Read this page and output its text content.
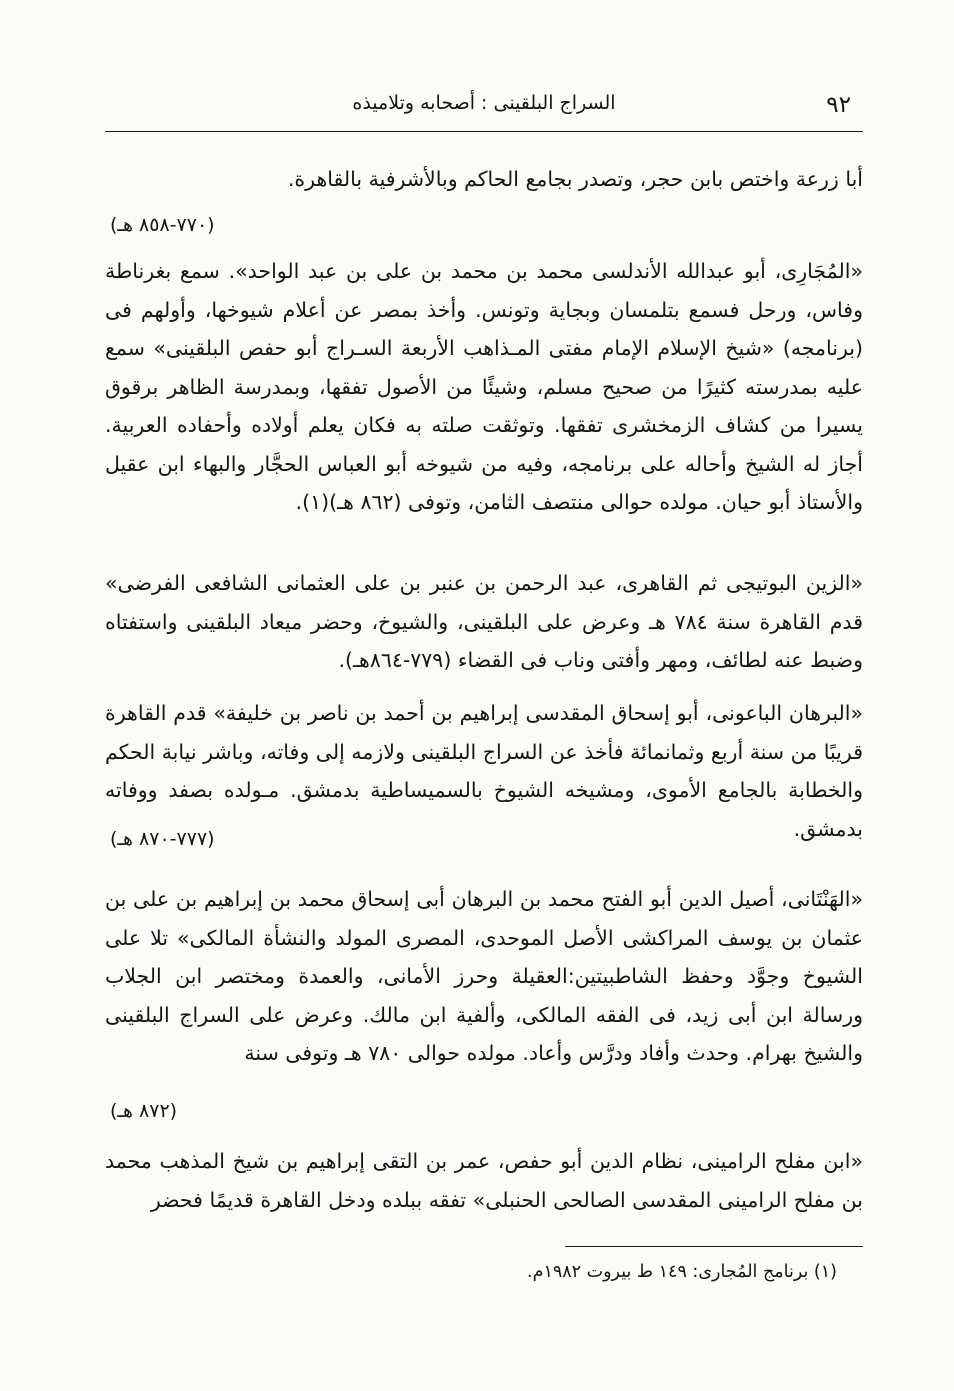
٩٢
السراج البلقينى : أصحابه وتلاميذه

أبا زرعة واختص بابن حجر، وتصدر بجامع الحاكم وبالأشرفية بالقاهرة.

(٧٧٠-٨٥٨ هـ)

«المُجَارِى، أبو عبدالله الأندلسى محمد بن محمد بن على بن عبد الواحد». سمع بغرناطة وفاس، ورحل فسمع بتلمسان وبجاية وتونس. وأخذ بمصر عن أعلام شيوخها، وأولهم فى (برنامجه) «شيخ الإسلام الإمام مفتى المـذاهب الأربعة السـراج أبو حفص البلقينى» سمع عليه بمدرسته كثيرًا من صحيح مسلم، وشيئًا من الأصول تفقها، وبمدرسة الظاهر برقوق يسيرا من كشاف الزمخشرى تفقها. وتوثقت صلته به فكان يعلم أولاده وأحفاده العربية. أجاز له الشيخ وأحاله على برنامجه، وفيه من شيوخه أبو العباس الحجَّار والبهاء ابن عقيل والأستاذ أبو حيان. مولده حوالى منتصف الثامن، وتوفى (٨٦٢ هـ)(١).

«الزين البوتيجى ثم القاهرى، عبد الرحمن بن عنبر بن على العثمانى الشافعى الفرضى» قدم القاهرة سنة ٧٨٤ هـ وعرض على البلقينى، والشيوخ، وحضر ميعاد البلقينى واستفتاه وضبط عنه لطائف، ومهر وأفتى وناب فى القضاء (٧٧٩-٨٦٤هـ).

«البرهان الباعونى، أبو إسحاق المقدسى إبراهيم بن أحمد بن ناصر بن خليفة» قدم القاهرة قريبًا من سنة أربع وثمانمائة فأخذ عن السراج البلقينى ولازمه إلى وفاته، وباشر نيابة الحكم والخطابة بالجامع الأموى، ومشيخه الشيوخ بالسميساطية بدمشق. مـولده بصفد ووفاته بدمشق.

(٧٧٧-٨٧٠ هـ)

«الهَنْتَانى، أصيل الدين أبو الفتح محمد بن البرهان أبى إسحاق محمد بن إبراهيم بن على بن عثمان بن يوسف المراكشى الأصل الموحدى، المصرى المولد والنشأة المالكى» تلا على الشيوخ وجوَّد وحفظ الشاطبيتين:العقيلة وحرز الأمانى، والعمدة ومختصر ابن الجلاب ورسالة ابن أبى زيد، فى الفقه المالكى، وألفية ابن مالك. وعرض على السراج البلقينى والشيخ بهرام. وحدث وأفاد ودرَّس وأعاد. مولده حوالى ٧٨٠ هـ وتوفى سنة

(٨٧٢ هـ)

«ابن مفلح الرامينى، نظام الدين أبو حفص، عمر بن التقى إبراهيم بن شيخ المذهب محمد بن مفلح الرامينى المقدسى الصالحى الحنبلى» تفقه ببلده ودخل القاهرة قديمًا فحضر

(١) برنامج المُجارى: ١٤٩ ط بيروت ١٩٨٢م.
